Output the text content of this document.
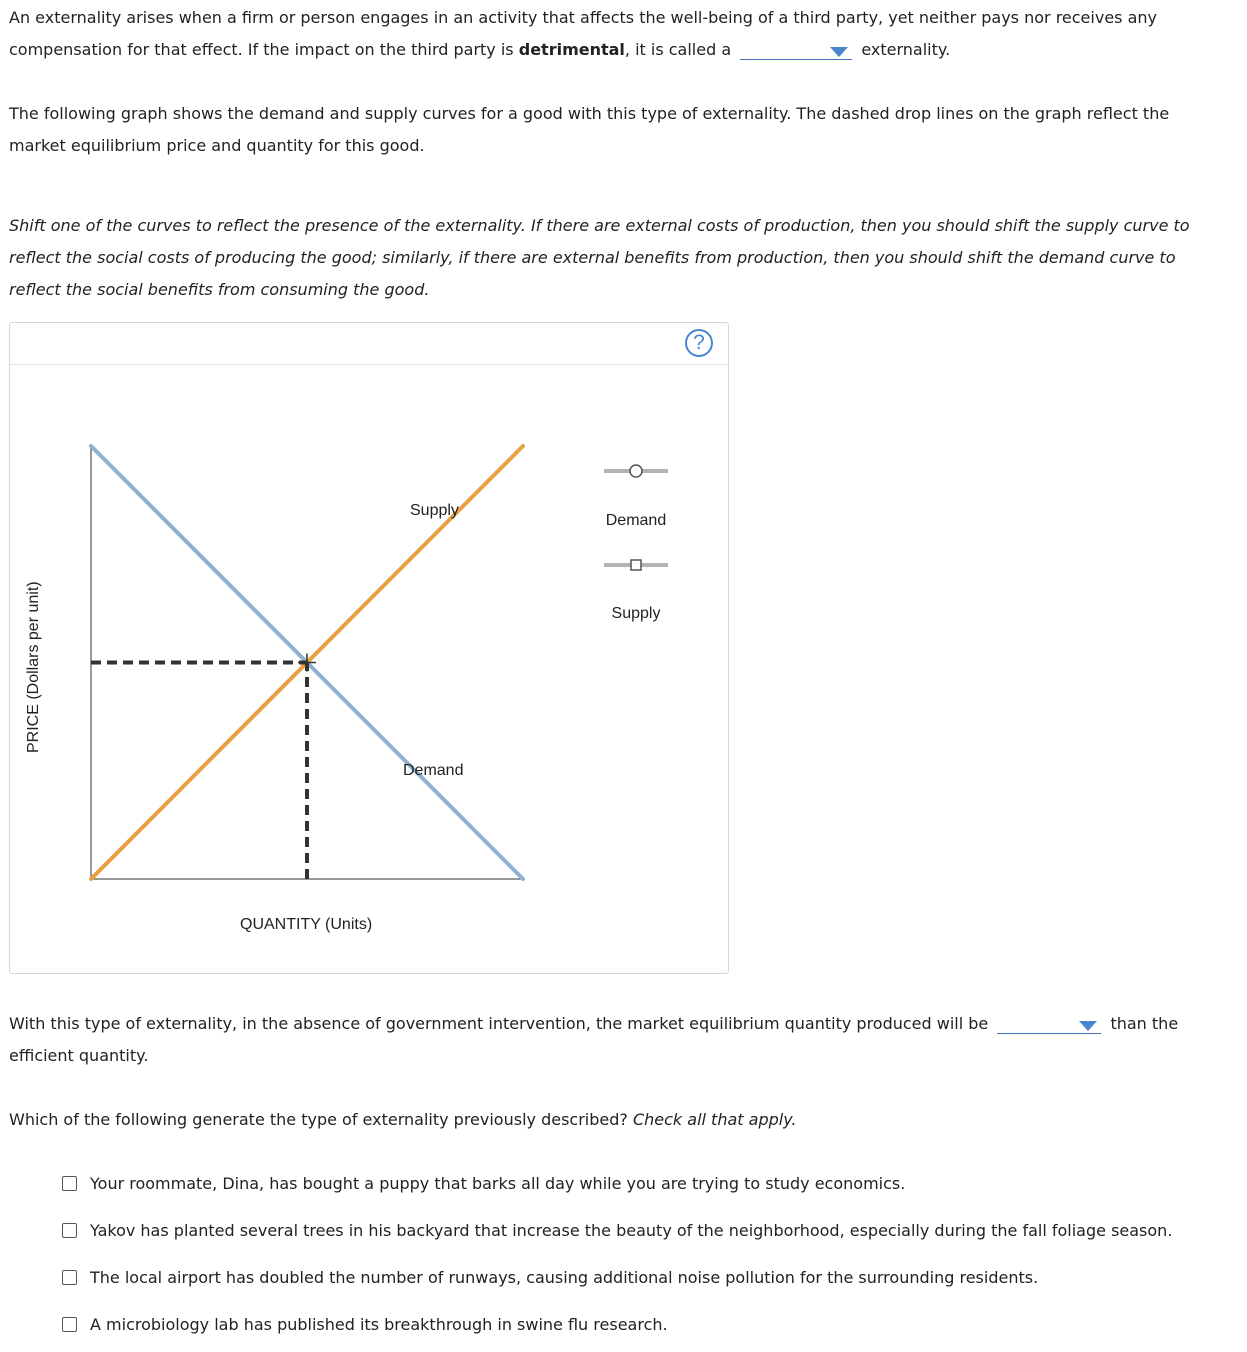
An externality arises when a firm or person engages in an activity that affects the well-being of a third party, yet neither pays nor receives any compensation for that effect. If the impact on the third party is detrimental, it is called a	externality.

The following graph shows the demand and supply curves for a good with this type of externality. The dashed drop lines on the graph reflect the market equilibrium price and quantity for this good.

Shift one of the curves to reflect the presence of the externality. If there are external costs of production, then you should shift the supply curve to reflect the social costs of producing the good; similarly, if there are external benefits from production, then you should shift the demand curve to reflect the social benefits from consuming the good.

?
Supply
Demand
QUANTITY (Units)
PRICE (Dollars per unit)
Demand
Supply

With this type of externality, in the absence of government intervention, the market equilibrium quantity produced will be	than the efficient quantity.

Which of the following generate the type of externality previously described? Check all that apply.

Your roommate, Dina, has bought a puppy that barks all day while you are trying to study economics.
Yakov has planted several trees in his backyard that increase the beauty of the neighborhood, especially during the fall foliage season.
The local airport has doubled the number of runways, causing additional noise pollution for the surrounding residents.
A microbiology lab has published its breakthrough in swine flu research.
